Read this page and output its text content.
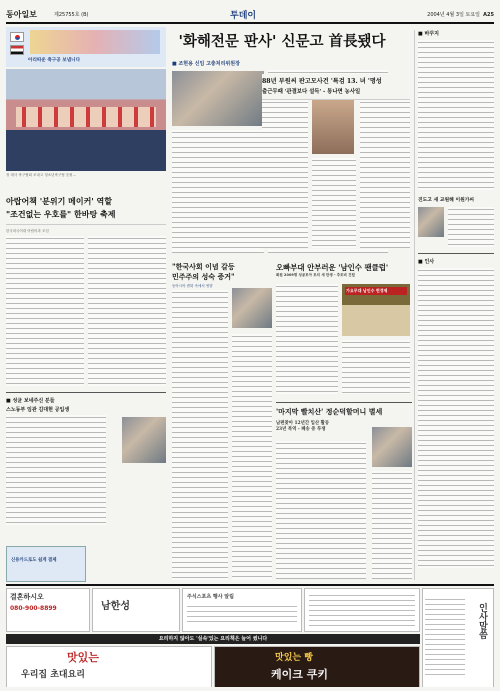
동아일보	제25755호 (B)	투데이	2004년 4월 3일 토요일 A25
아리따운 축구공 보냅니다
정 대사 축구협회 보내고 청소년축구팀 응원…
아랍어책 '분위기 메이커' 역할
"조건없는 우호를" 한바탕 축제
한국외국어대 아랍어과 모임
■ 성균 보네주신 분들
스노동부 임관 김대현 공입생
신용카드로도 쉽게 결제
'화해전문 판사' 신문고 首長됐다
■ 조현용 신임 고충처리위원장
88년 부원씨 판고모사건 '특검 13. 녀 '명성
출근무때 '관결보다 설득' - 통나면 농사일
■ 바꾸지
진도고 새 교원해 이원가씨
■ 인사
"한국사회 이념 갈등
민주주의 성숙 증거"
동아시아 변화 속에서 영향
오빠부대 안부러운 '남인수 팬클럽'
회원 2009명 성공모아 모의 새 탄생 - 추모비 건립
가요무대 남인수 헌정제
'마지막 빨치산' 정순덕할머니 별세
남편찾아 12년간 입산 활동
23년 복역 - 폐송 중 투쟁
결혼하시오
080-900-8899	남한성
주식스포츠 행사 알림
인사말씀
요리하지 않아도 '실속'있는 요리책은 늘어 썼니다
맛있는
우리집 초대요리
맛있는 빵
케이크 쿠키
